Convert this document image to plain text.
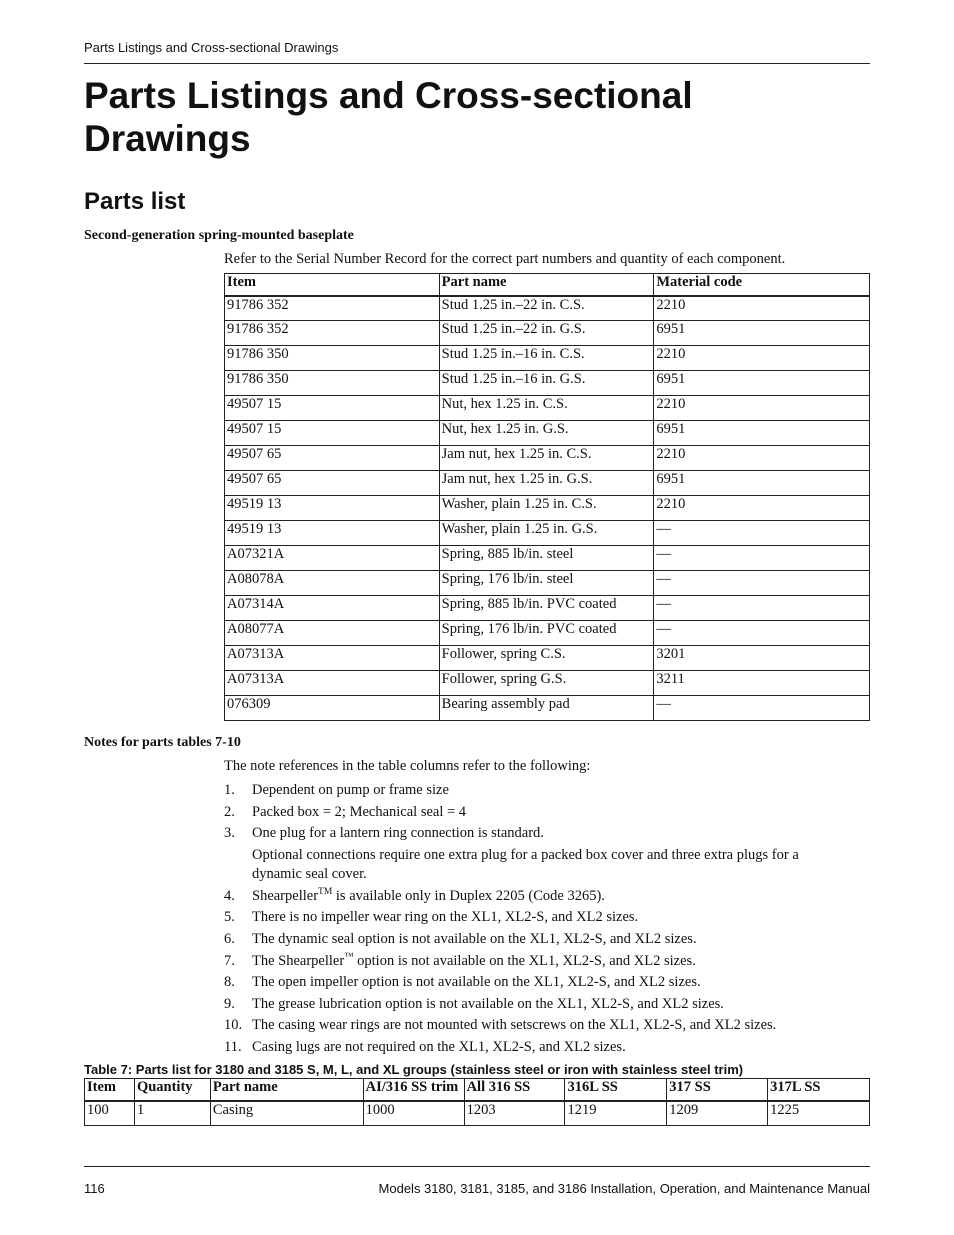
Parts Listings and Cross-sectional Drawings
Parts Listings and Cross-sectional Drawings
Parts list
Second-generation spring-mounted baseplate
Refer to the Serial Number Record for the correct part numbers and quantity of each component.
Item	Part name	Material code
91786 352	Stud 1.25 in.–22 in. C.S.	2210
91786 352	Stud 1.25 in.–22 in. G.S.	6951
91786 350	Stud 1.25 in.–16 in. C.S.	2210
91786 350	Stud 1.25 in.–16 in. G.S.	6951
49507 15	Nut, hex 1.25 in. C.S.	2210
49507 15	Nut, hex 1.25 in. G.S.	6951
49507 65	Jam nut, hex 1.25 in. C.S.	2210
49507 65	Jam nut, hex 1.25 in. G.S.	6951
49519 13	Washer, plain 1.25 in. C.S.	2210
49519 13	Washer, plain 1.25 in. G.S.	—
A07321A	Spring, 885 lb/in. steel	—
A08078A	Spring, 176 lb/in. steel	—
A07314A	Spring, 885 lb/in. PVC coated	—
A08077A	Spring, 176 lb/in. PVC coated	—
A07313A	Follower, spring C.S.	3201
A07313A	Follower, spring G.S.	3211
076309	Bearing assembly pad	—
Notes for parts tables 7-10
The note references in the table columns refer to the following:
1. Dependent on pump or frame size
2. Packed box = 2; Mechanical seal = 4
3. One plug for a lantern ring connection is standard.
Optional connections require one extra plug for a packed box cover and three extra plugs for a dynamic seal cover.
4. Shearpeller™ is available only in Duplex 2205 (Code 3265).
5. There is no impeller wear ring on the XL1, XL2-S, and XL2 sizes.
6. The dynamic seal option is not available on the XL1, XL2-S, and XL2 sizes.
7. The Shearpeller™ option is not available on the XL1, XL2-S, and XL2 sizes.
8. The open impeller option is not available on the XL1, XL2-S, and XL2 sizes.
9. The grease lubrication option is not available on the XL1, XL2-S, and XL2 sizes.
10. The casing wear rings are not mounted with setscrews on the XL1, XL2-S, and XL2 sizes.
11. Casing lugs are not required on the XL1, XL2-S, and XL2 sizes.
Table 7: Parts list for 3180 and 3185 S, M, L, and XL groups (stainless steel or iron with stainless steel trim)
Item	Quantity	Part name	AI/316 SS trim	All 316 SS	316L SS	317 SS	317L SS
100	1	Casing	1000	1203	1219	1209	1225
116	Models 3180, 3181, 3185, and 3186 Installation, Operation, and Maintenance Manual
